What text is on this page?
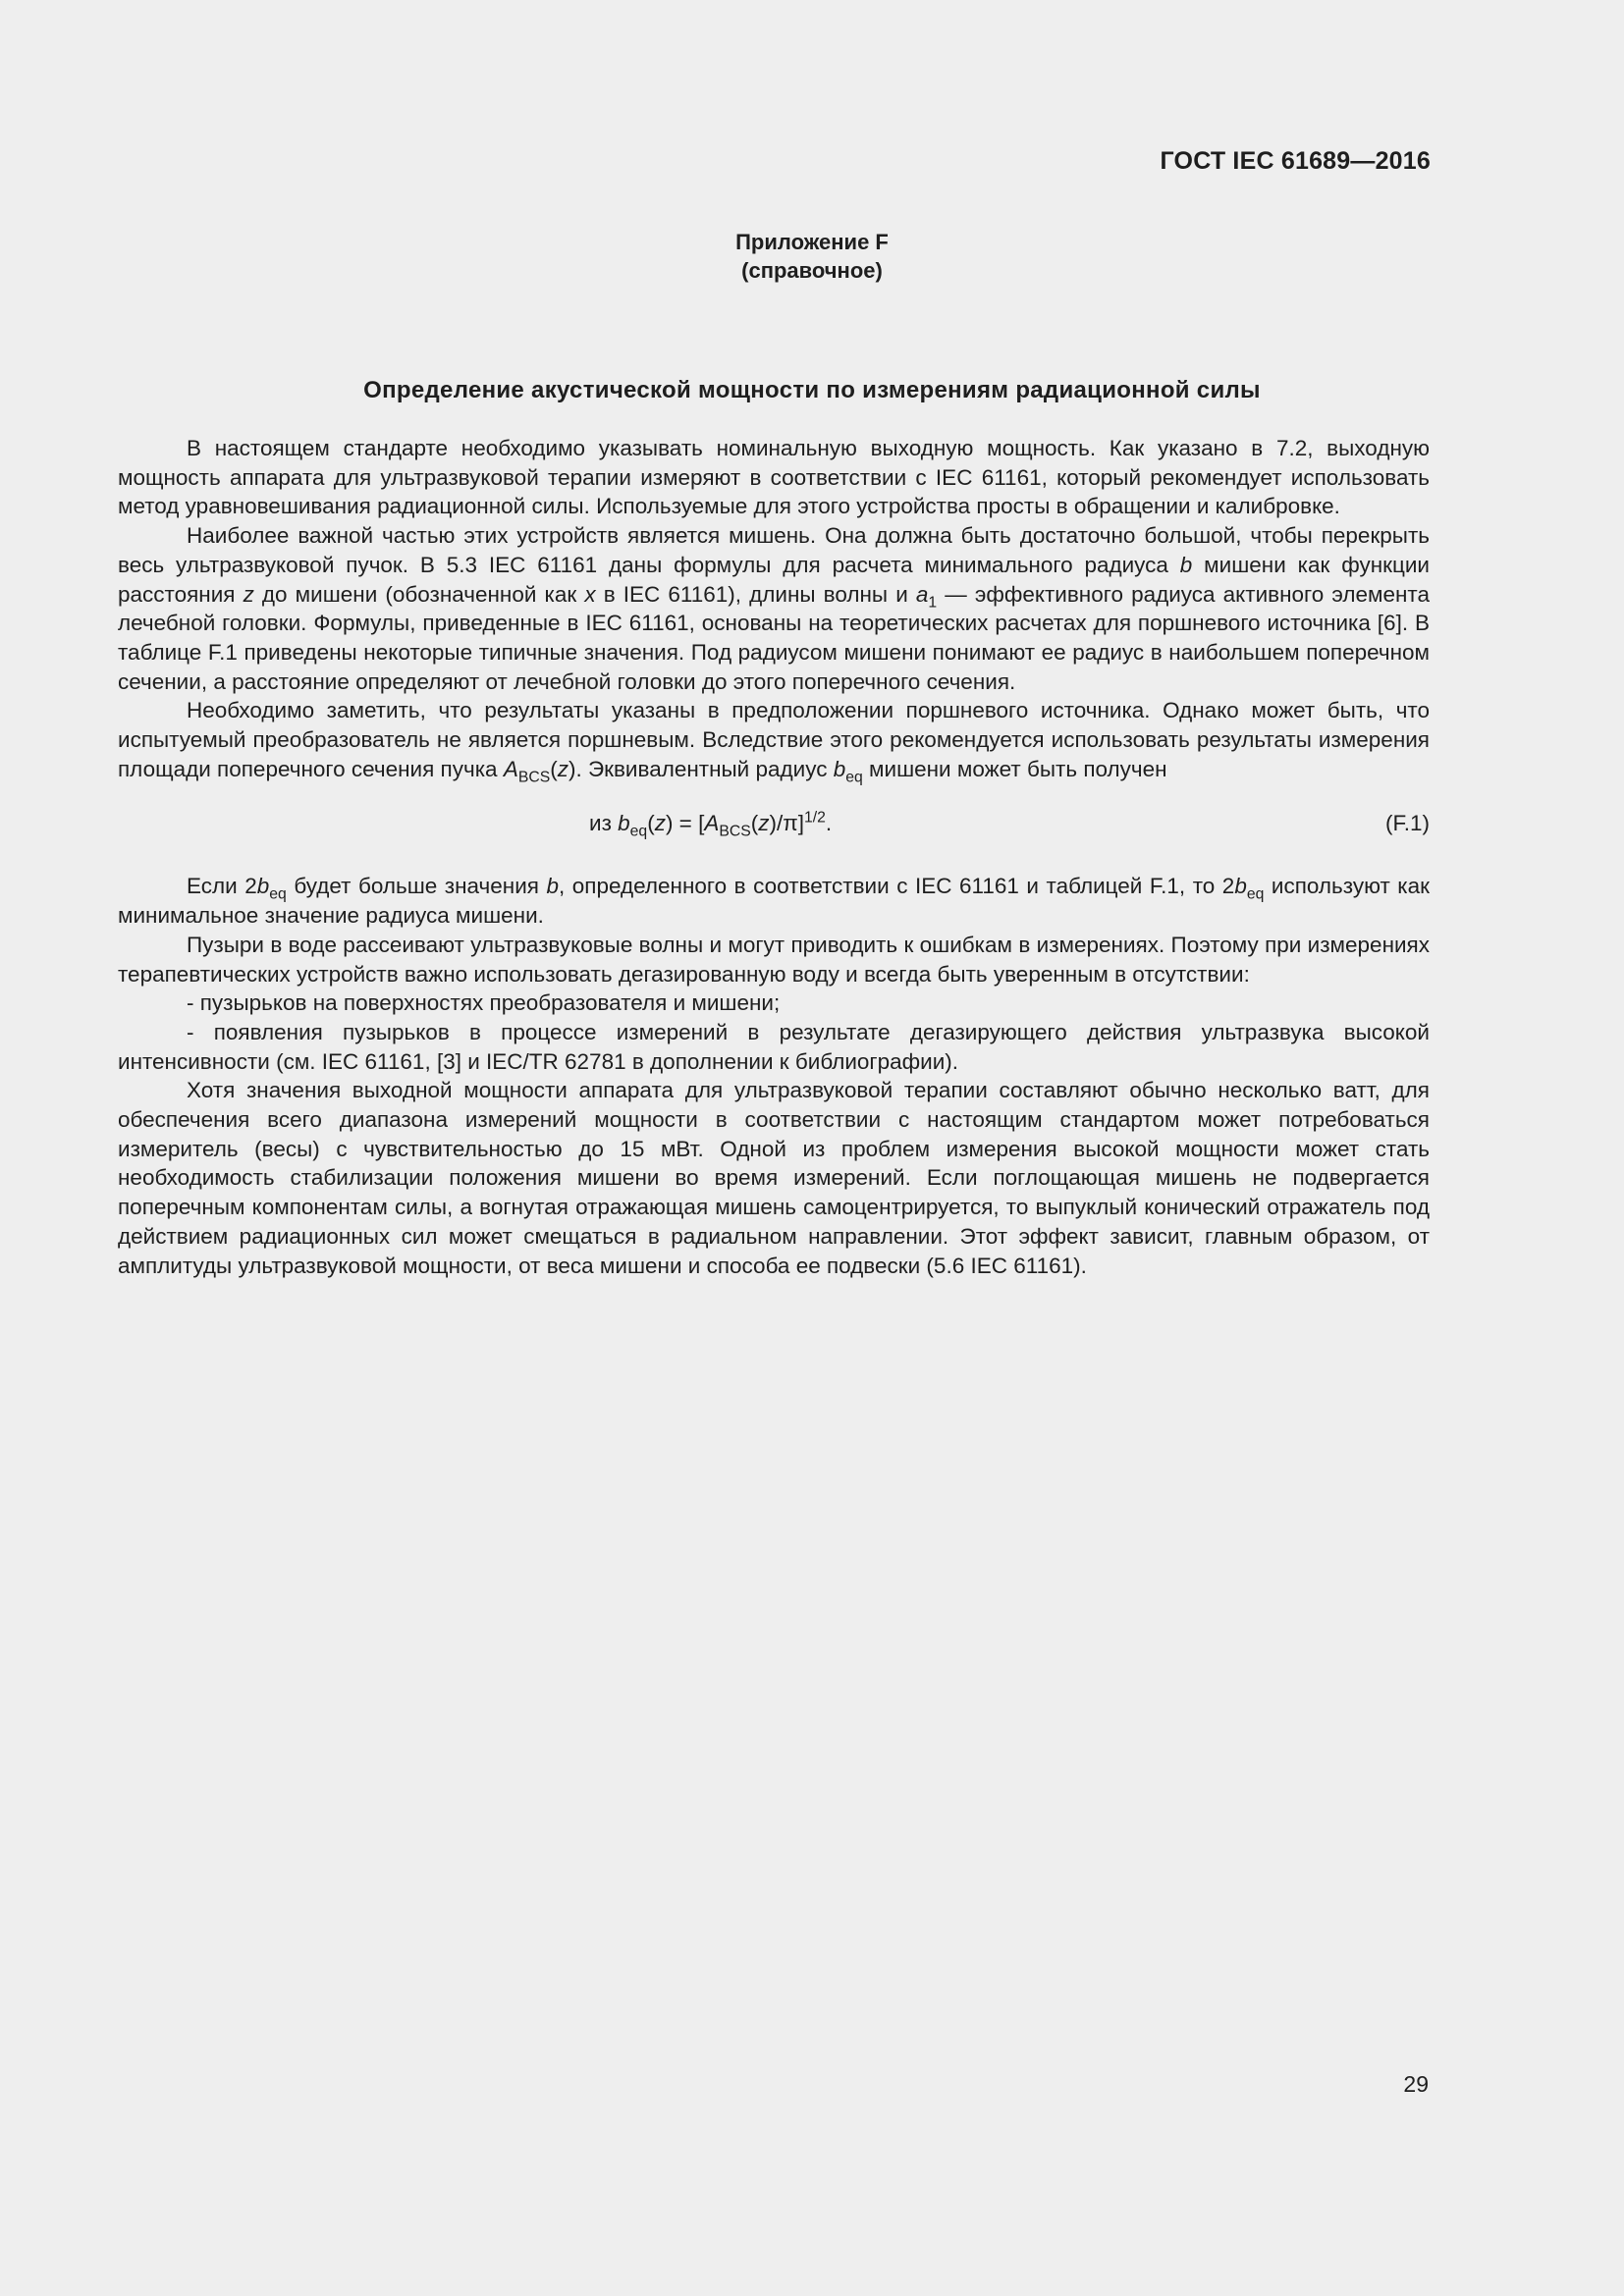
ГОСТ IEC 61689—2016
Приложение F
(справочное)
Определение акустической мощности по измерениям радиационной силы

В настоящем стандарте необходимо указывать номинальную выходную мощность. Как указано в 7.2, выходную мощность аппарата для ультразвуковой терапии измеряют в соответствии с IEC 61161, который рекомендует использовать метод уравновешивания радиационной силы. Используемые для этого устройства просты в обращении и калибровке.

Наиболее важной частью этих устройств является мишень. Она должна быть достаточно большой, чтобы перекрыть весь ультразвуковой пучок. В 5.3 IEC 61161 даны формулы для расчета минимального радиуса b мишени как функции расстояния z до мишени (обозначенной как x в IEC 61161), длины волны и $a_1$ — эффективного радиуса активного элемента лечебной головки. Формулы, приведенные в IEC 61161, основаны на теоретических расчетах для поршневого источника [6]. В таблице F.1 приведены некоторые типичные значения. Под радиусом мишени понимают ее радиус в наибольшем поперечном сечении, а расстояние определяют от лечебной головки до этого поперечного сечения.

Необходимо заметить, что результаты указаны в предположении поршневого источника. Однако может быть, что испытуемый преобразователь не является поршневым. Вследствие этого рекомендуется использовать результаты измерения площади поперечного сечения пучка $A_{BCS}(z)$. Эквивалентный радиус $b_{eq}$ мишени может быть получен

из $b_{eq}(z) = [A_{BCS}(z)/\pi]^{1/2}$.	(F.1)

Если $2b_{eq}$ будет больше значения b, определенного в соответствии с IEC 61161 и таблицей F.1, то $2b_{eq}$ используют как минимальное значение радиуса мишени.

Пузыри в воде рассеивают ультразвуковые волны и могут приводить к ошибкам в измерениях. Поэтому при измерениях терапевтических устройств важно использовать дегазированную воду и всегда быть уверенным в отсутствии:

- пузырьков на поверхностях преобразователя и мишени;

- появления пузырьков в процессе измерений в результате дегазирующего действия ультразвука высокой интенсивности (см. IEC 61161, [3] и IEC/TR 62781 в дополнении к библиографии).

Хотя значения выходной мощности аппарата для ультразвуковой терапии составляют обычно несколько ватт, для обеспечения всего диапазона измерений мощности в соответствии с настоящим стандартом может потребоваться измеритель (весы) с чувствительностью до 15 мВт. Одной из проблем измерения высокой мощности может стать необходимость стабилизации положения мишени во время измерений. Если поглощающая мишень не подвергается поперечным компонентам силы, а вогнутая отражающая мишень самоцентрируется, то выпуклый конический отражатель под действием радиационных сил может смещаться в радиальном направлении. Этот эффект зависит, главным образом, от амплитуды ультразвуковой мощности, от веса мишени и способа ее подвески (5.6 IEC 61161).

29
